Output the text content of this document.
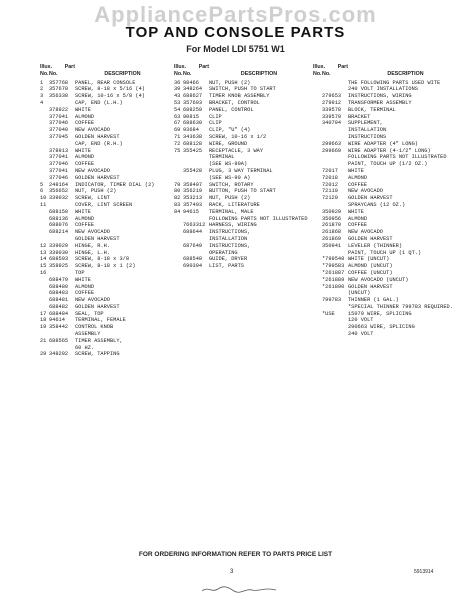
AppliancePartsPros.com
TOP AND CONSOLE PARTS
For Model LDI 5751 W1
Illus.	Part
No. No.	DESCRIPTION
1	357768	PANEL, REAR CONSOLE
2	357670	SCREW, 8-18 x 5/16 (4)
3	356338	SCREW, 10-16 x 5/8 (4)
4	CAP, END (L.H.)
378922	WHITE
377041	ALMOND
377046	COFFEE
377040	NEW AVOCADO
377045	GOLDEN HARVEST
CAP, END (R.H.)
378913	WHITE
377041	ALMOND
377046	COFFEE
377041	NEW AVOCADO
377046	GOLDEN HARVEST
5	248164	INDICATOR, TIMER DIAL (2)
6	356652	NUT, PUSH (2)
10 339032	SCREW, LINT
11	COVER, LINT SCREEN
688150	WHITE
688136	ALMOND
688076	COFFEE
688214	NEW AVOCADO
GOLDEN HARVEST
12 339029	HINGE, R.H.
13 339030	HINGE, L.H.
14 688593	SCREW, 8-18 x 3/8
15 358925	SCREW, 8-18 x 1 (2)
16	TOP
688479	WHITE
688480	ALMOND
688483	COFFEE
688481	NEW AVOCADO
688482	GOLDEN HARVEST
17 688484	SEAL, TOP
18 94614	TERMINAL, FEMALE
19 358442	CONTROL KNOB
ASSEMBLY
21 688565	TIMER ASSEMBLY,
60 HZ.
29 348292	SCREW, TAPPING
Illus.	Part
No. No.	DESCRIPTION
36 98466	NUT, PUSH (2)
39 348264	SWITCH, PUSH TO START
43 688627	TIMER KNOB ASSEMBLY
53 357693	BRACKET, CONTROL
54 688259	PANEL, CONTROL
63 90815	CLIP
67 688630	CLIP
69 93684	CLIP, "U" (4)
71 343638	SCREW, 10-16 x 1/2
72 688128	WIRE, GROUND
75 355425	RECEPTACLE, 3 WAY
TERMINAL
(SEE WS-90A)
355428	PLUG, 3 WAY TERMINAL
(SEE WS-90 A)
79 358497	SWITCH, ROTARY
80 356219	BUTTON, PUSH TO START
82 353213	NUT, PUSH (2)
83 357493	RACK, LITERATURE
84 94615	TERMINAL, MALE
FOLLOWING PARTS NOT ILLUSTRATED
7663312 HARNESS, WIRING
688644	INSTRUCTIONS,
INSTALLATION
687649	INSTRUCTIONS,
OPERATING
688548	GUIDE, DRYER
690394	LIST, PARTS
Illus.	Part
No. No.	DESCRIPTION
THE FOLLOWING PARTS USED WITE
240 VOLT INSTALLATIONS
279653	INSTRUCTIONS, WIRING
279912	TRANSFORMER ASSEMBLY
339578	BLOCK, TERMINAL
339579	BRACKET
340794	SUPPLEMENT,
INSTALLATION
INSTRUCTIONS
299663	WIRE ADAPTER (4" LONG)
299669	WIRE ADAPTER (4-1/2" LONG)
FOLLOWING PARTS NOT ILLUSTRATED
PAINT, TOUCH UP (1/2 OZ.)
72017	WHITE
72018	ALMOND
72012	COFFEE
72110	NEW AVOCADO
72120	GOLDEN HARVEST
SPRAYCANS (12 OZ.)
350929	WHITE
350956	ALMOND
261870	COFFEE
261868	NEW AVOCADO
261869	GOLDEN HARVEST
350941	LEVELER (THINNER)
PAINT, TOUCH UP (1 QT.)
*799548 WHITE (UNCUT)
*799583 ALMOND (UNCUT)
*261887 COFFEE (UNCUT)
*261889 NEW AVOCADO (UNCUT)
*261890 GOLDEN HARVEST
(UNCUT)
799783	THINNER (1 GAL.)
*SPECIAL THINNER 799783 REQUIRED.
*USE	15079 WIRE, SPLICING
120 VOLT
290663 WIRE, SPLICING
240 VOLT
FOR ORDERING INFORMATION REFER TO PARTS PRICE LIST
3	5913914
